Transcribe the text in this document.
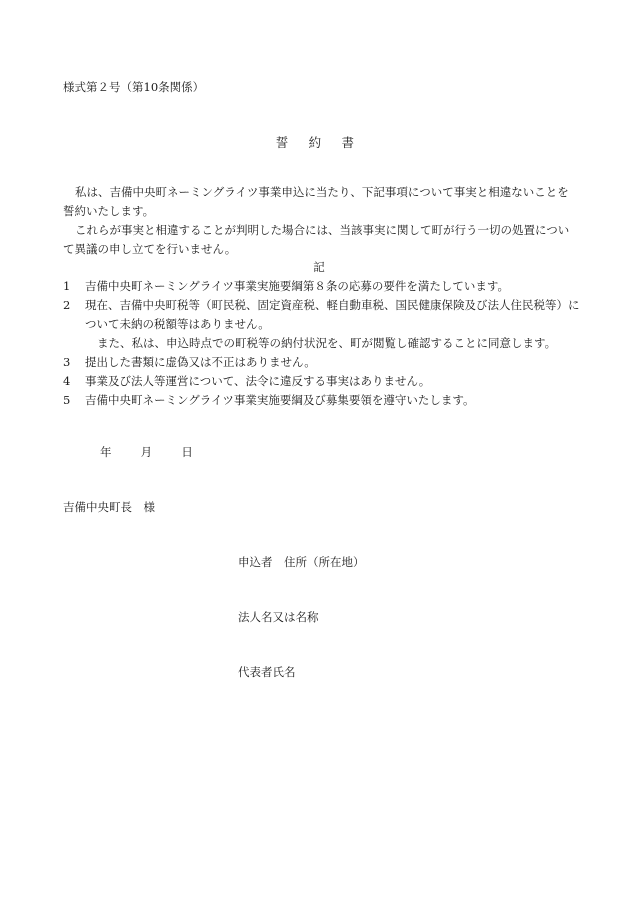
様式第２号（第10条関係）
誓 約 書

私は、吉備中央町ネーミングライツ事業申込に当たり、下記事項について事実と相違ないことを誓約いたします。

これらが事実と相違することが判明した場合には、当該事実に関して町が行う一切の処置について異議の申し立てを行いません。

記
1	吉備中央町ネーミングライツ事業実施要綱第８条の応募の要件を満たしています。
2	現在、吉備中央町税等（町民税、固定資産税、軽自動車税、国民健康保険及び法人住民税等）について未納の税額等はありません。
また、私は、申込時点での町税等の納付状況を、町が閲覧し確認することに同意します。
3	提出した書類に虚偽又は不正はありません。
4	事業及び法人等運営について、法令に違反する事実はありません。
5	吉備中央町ネーミングライツ事業実施要綱及び募集要領を遵守いたします。
年	月	日
吉備中央町長　様
申込者　住所（所在地）
法人名又は名称
代表者氏名
